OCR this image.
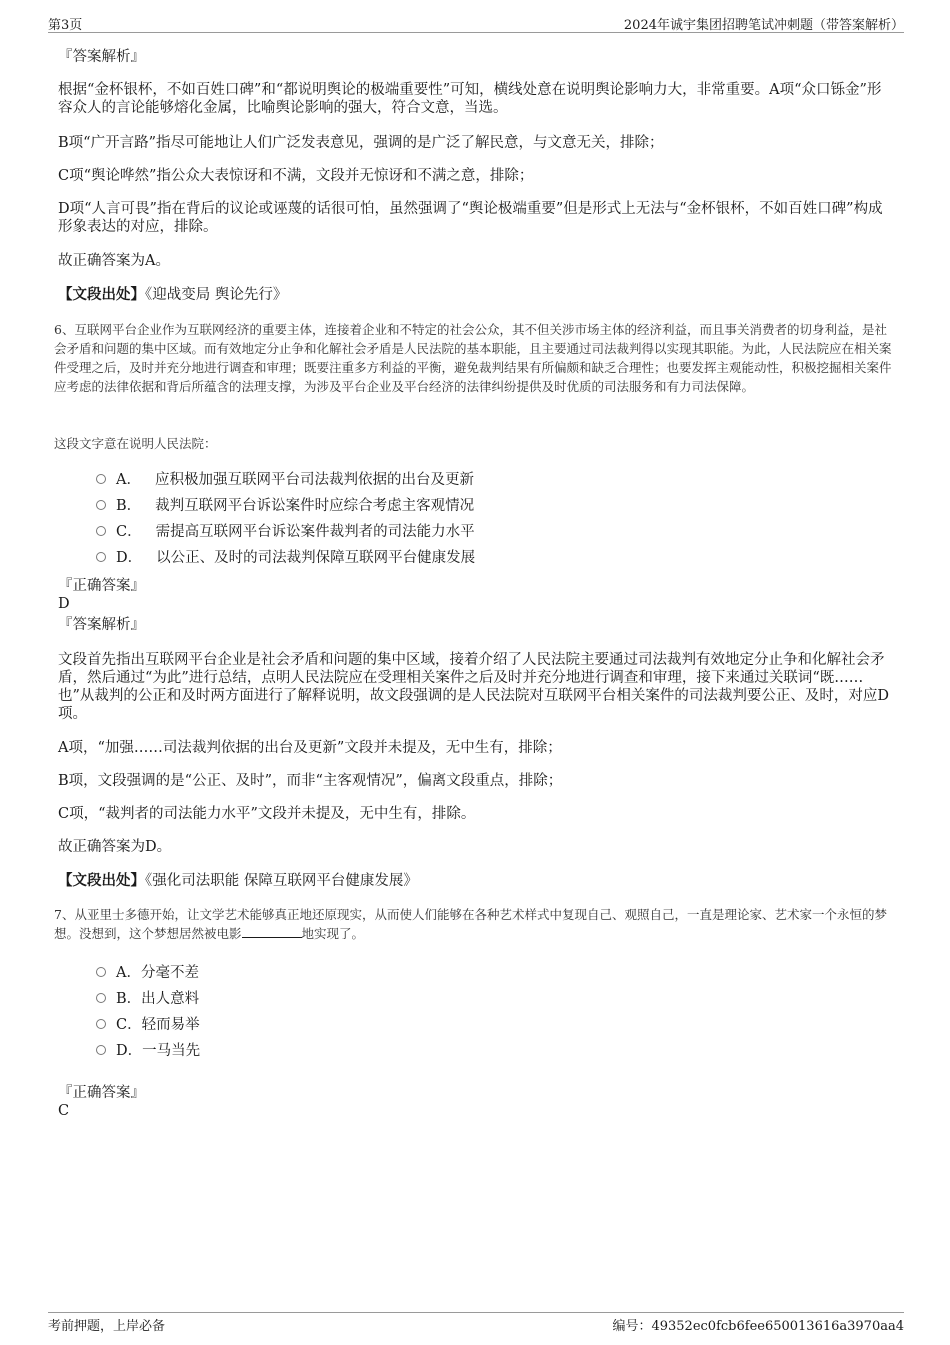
第3页	2024年诚宇集团招聘笔试冲刺题（带答案解析）
『答案解析』
根据“金杯银杯，不如百姓口碑”和“都说明舆论的极端重要性”可知，横线处意在说明舆论影响力大，非常重要。A项“众口铄金”形容众人的言论能够熔化金属，比喻舆论影响的强大，符合文意，当选。
B项“广开言路”指尽可能地让人们广泛发表意见，强调的是广泛了解民意，与文意无关，排除；
C项“舆论哗然”指公众大表惊讶和不满，文段并无惊讶和不满之意，排除；
D项“人言可畏”指在背后的议论或诬蔑的话很可怕，虽然强调了“舆论极端重要”但是形式上无法与“金杯银杯，不如百姓口碑”构成形象表达的对应，排除。
故正确答案为A。
【文段出处】《迎战变局 舆论先行》
6、互联网平台企业作为互联网经济的重要主体，连接着企业和不特定的社会公众，其不但关涉市场主体的经济利益，而且事关消费者的切身利益，是社会矛盾和问题的集中区域。而有效地定分止争和化解社会矛盾是人民法院的基本职能，且主要通过司法裁判得以实现其职能。为此，人民法院应在相关案件受理之后，及时并充分地进行调查和审理；既要注重多方利益的平衡，避免裁判结果有所偏颇和缺乏合理性；也要发挥主观能动性，积极挖掘相关案件应考虑的法律依据和背后所蕴含的法理支撑，为涉及平台企业及平台经济的法律纠纷提供及时优质的司法服务和有力司法保障。
这段文字意在说明人民法院：
A． 应积极加强互联网平台司法裁判依据的出台及更新
B． 裁判互联网平台诉讼案件时应综合考虑主客观情况
C． 需提高互联网平台诉讼案件裁判者的司法能力水平
D． 以公正、及时的司法裁判保障互联网平台健康发展
『正确答案』
D
『答案解析』
文段首先指出互联网平台企业是社会矛盾和问题的集中区域，接着介绍了人民法院主要通过司法裁判有效地定分止争和化解社会矛盾，然后通过“为此”进行总结，点明人民法院应在受理相关案件之后及时并充分地进行调查和审理，接下来通过关联词“既……也”从裁判的公正和及时两方面进行了解释说明，故文段强调的是人民法院对互联网平台相关案件的司法裁判要公正、及时，对应D项。
A项，“加强……司法裁判依据的出台及更新”文段并未提及，无中生有，排除；
B项，文段强调的是“公正、及时”，而非“主客观情况”，偏离文段重点，排除；
C项，“裁判者的司法能力水平”文段并未提及，无中生有，排除。
故正确答案为D。
【文段出处】《强化司法职能 保障互联网平台健康发展》
7、从亚里士多德开始，让文学艺术能够真正地还原现实，从而使人们能够在各种艺术样式中复现自己、观照自己，一直是理论家、艺术家一个永恒的梦想。没想到，这个梦想居然被电影	地实现了。
A．分毫不差
B．出人意料
C．轻而易举
D．一马当先
『正确答案』
C
考前押题，上岸必备	编号：49352ec0fcb6fee650013616a3970aa4
